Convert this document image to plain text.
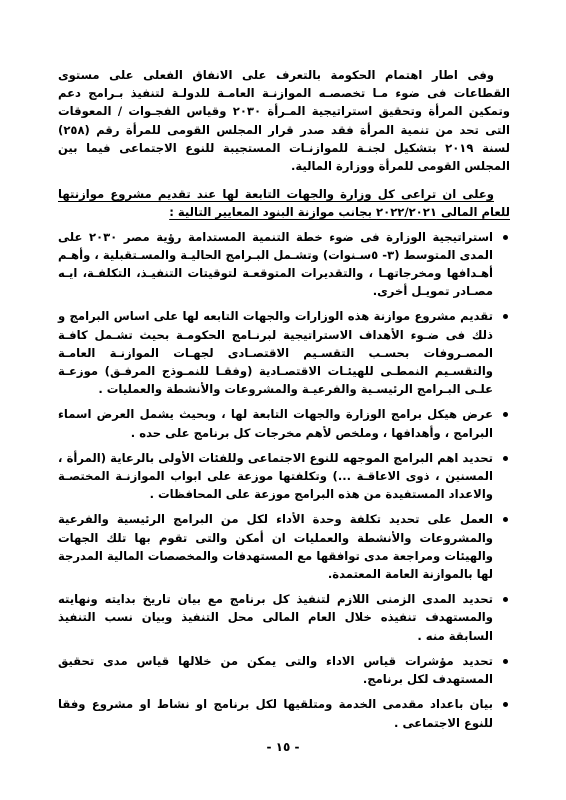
وفى اطار اهتمام الحكومة بالتعرف على الانفاق الفعلى على مستوى القطاعات فى ضوء مـا تخصصـه الموازنـة العامـة للدولـة لتنفيذ بـرامج دعم وتمكين المرأة وتحقيق استراتيجية المـرأة ٢٠٣٠ وقياس الفجـوات / المعوقات التى تحد من تنمية المرأة فقد صدر قرار المجلس القومى للمرأة رقم (٢٥٨) لسنة ٢٠١٩ بتشكيل لجنـة للموازنـات المستجيبة للنوع الاجتماعى فيما بين المجلس القومى للمرأة ووزارة المالية.

وعلى ان تراعى كل وزارة والجهات التابعة لها عند تقديم مشروع موازنتها للعام المالى ٢٠٢٢/٢٠٢١ بجانب موازنة البنود المعايير التالية :

استراتيجية الوزارة فى ضوء خطة التنمية المستدامة رؤية مصر ٢٠٣٠ على المدى المتوسط (٣- ٥سـنوات) وتشـمل البـرامج الحاليـة والمسـتقبلية ، وأهـم أهـدافها ومخرجاتهـا ، والتقديرات المتوقعـة لتوقيتات التنفيـذ، التكلفـة، ايـه مصـادر تمويـل أخرى.
تقديم مشروع موازنة هذه الوزارات والجهات التابعه لها على اساس البرامج و ذلك فى ضـوء الأهداف الاستراتيجية لبرنـامج الحكومـة بحيث تشـمل كافـة المصـروفات بحسـب التقسـيم الاقتصـادى لجهـات الموازنـة العامـة والتقسـيم النمطـى للهيئـات الاقتصـادية (وفقـا للنمـوذج المرفـق) موزعـة علـى البـرامج الرئيسـية والفرعيـة والمشروعات والأنشطة والعمليات .
عرض هيكل برامج الوزارة والجهات التابعة لها ، وبحيث يشمل العرض اسماء البرامج ، وأهدافها ، وملخص لأهم مخرجات كل برنامج على حده .
تحديد اهم البرامج الموجهه للنوع الاجتماعى وللفئات الأولى بالرعاية (المرأة ، المسنين ، ذوى الاعاقـة ...) وتكلفتها موزعة على ابواب الموازنـة المختصـة والاعداد المستفيدة من هذه البرامج موزعة على المحافظات .
العمل على تحديد تكلفة وحدة الأداء لكل من البرامج الرئيسية والفرعية والمشروعات والأنشطة والعمليات ان أمكن والتى تقوم بها تلك الجهات والهيئات ومراجعة مدى توافقها مع المستهدفات والمخصصات المالية المدرجة لها بالموازنة العامة المعتمدة.
تحديد المدى الزمنى اللازم لتنفيذ كل برنامج مع بيان تاريخ بدايته ونهايته والمستهدف تنفيذه خلال العام المالى محل التنفيذ وبيان نسب التنفيذ السابقة منه .
تحديد مؤشرات قياس الاداء والتى يمكن من خلالها قياس مدى تحقيق المستهدف لكل برنامج.
بيان باعداد مقدمى الخدمة ومتلقيها لكل برنامج او نشاط او مشروع وفقا للنوع الاجتماعى .
- ١٥ -
